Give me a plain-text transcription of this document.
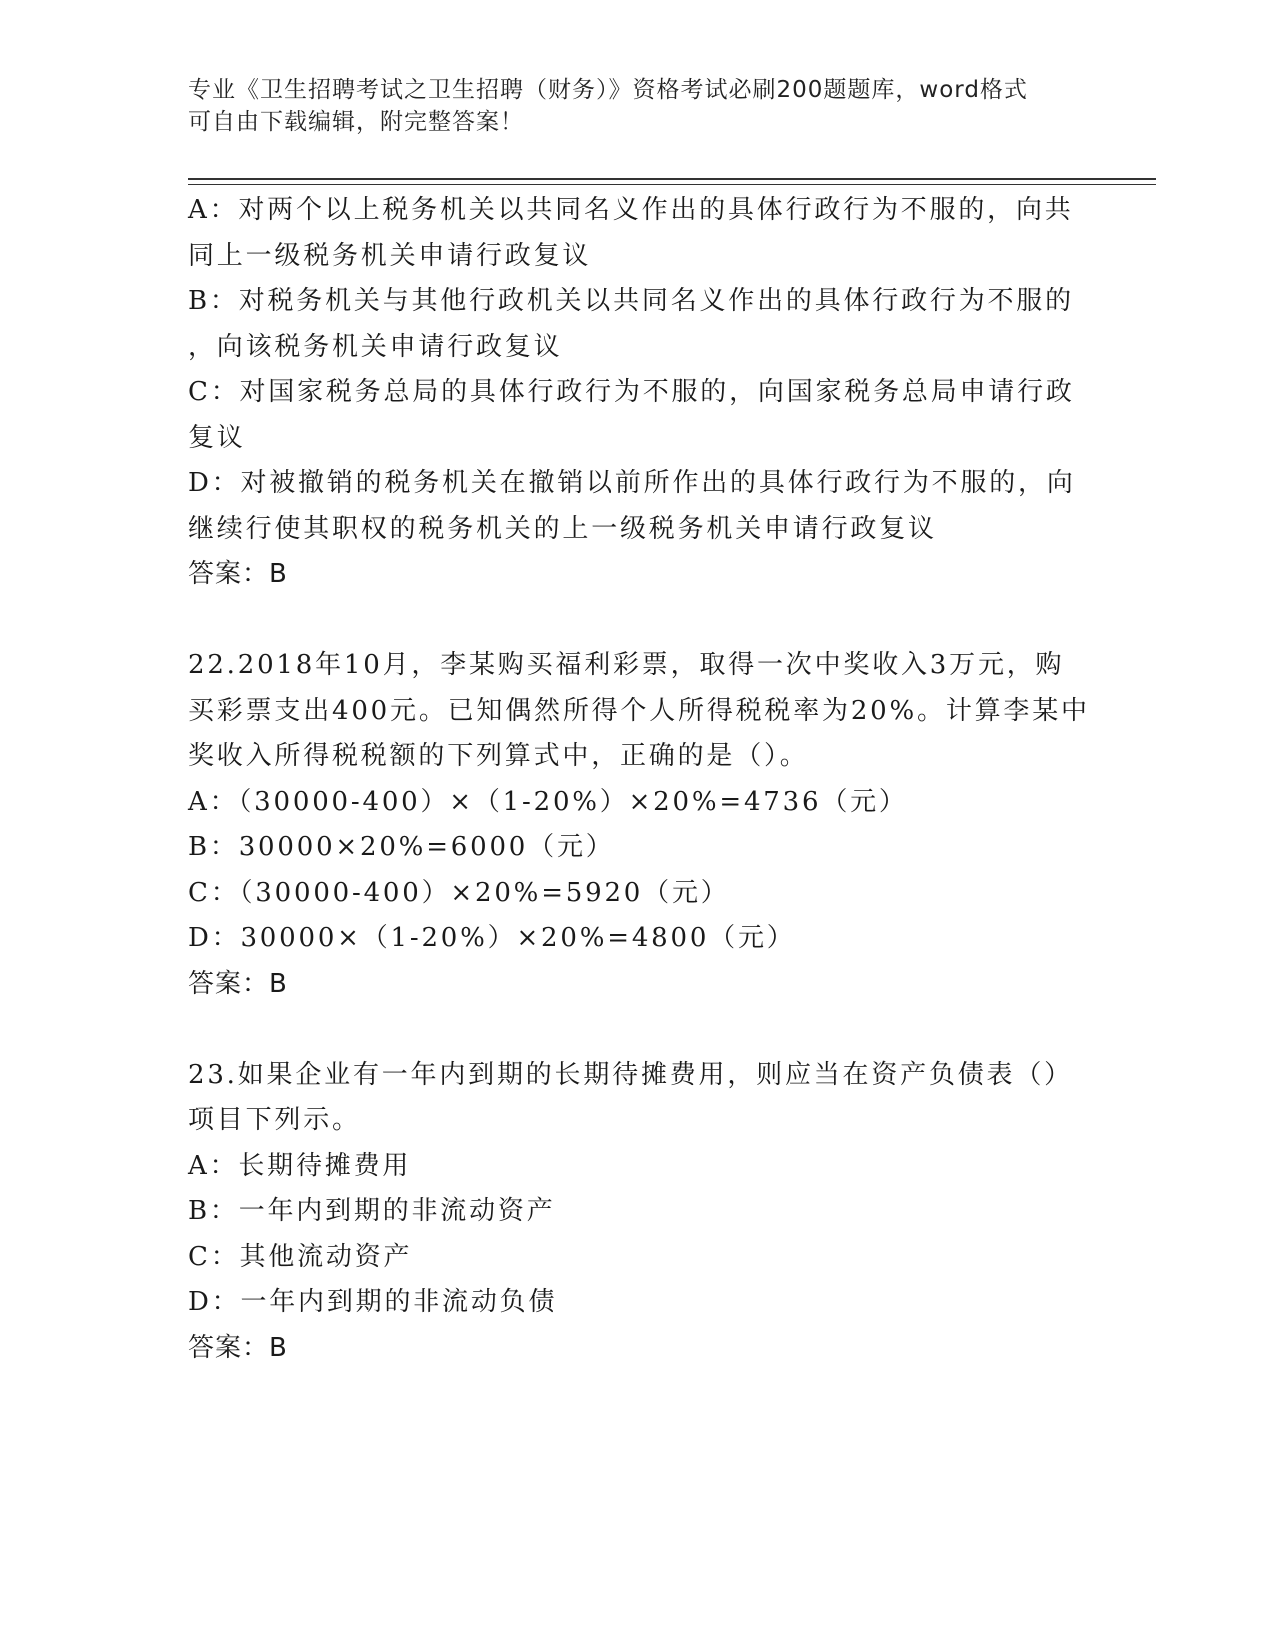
专业《卫生招聘考试之卫生招聘（财务）》资格考试必刷200题题库，word格式
可自由下载编辑，附完整答案！
A：对两个以上税务机关以共同名义作出的具体行政行为不服的，向共
同上一级税务机关申请行政复议
B：对税务机关与其他行政机关以共同名义作出的具体行政行为不服的
，向该税务机关申请行政复议
C：对国家税务总局的具体行政行为不服的，向国家税务总局申请行政
复议
D：对被撤销的税务机关在撤销以前所作出的具体行政行为不服的，向
继续行使其职权的税务机关的上一级税务机关申请行政复议
答案：B
22.2018年10月，李某购买福利彩票，取得一次中奖收入3万元，购
买彩票支出400元。已知偶然所得个人所得税税率为20%。计算李某中
奖收入所得税税额的下列算式中，正确的是（）。
A：（30000-400）×（1-20%）×20%=4736（元）
B：30000×20%=6000（元）
C：（30000-400）×20%=5920（元）
D：30000×（1-20%）×20%=4800（元）
答案：B
23.如果企业有一年内到期的长期待摊费用，则应当在资产负债表（）
项目下列示。
A：长期待摊费用
B：一年内到期的非流动资产
C：其他流动资产
D：一年内到期的非流动负债
答案：B
